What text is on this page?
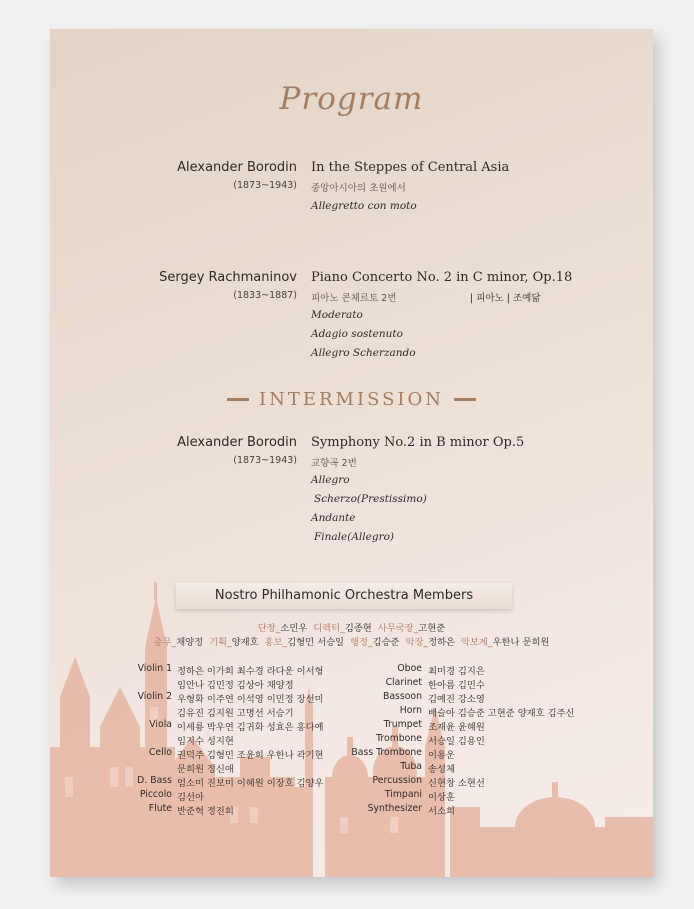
Program
Alexander Borodin
(1873~1943)
In the Steppes of Central Asia
중앙아시아의 초원에서
Allegretto con moto
Sergey Rachmaninov
(1833~1887)
Piano Concerto No. 2 in C minor, Op.18
피아노 콘체르토 2번	| 피아노 | 조예닮
Moderato
Adagio sostenuto
Allegro Scherzando
INTERMISSION
Alexander Borodin
(1873~1943)
Symphony No.2 in B minor Op.5
교향곡 2번
Allegro
Scherzo(Prestissimo)
Andante
Finale(Allegro)
Nostro Philhamonic Orchestra Members
단장_소민우 디렉터_김종현 사무국장_고현준
총무_채양정 기획_양재호 홍보_김형민 서승일 행정_김승준 악장_정하은 악보계_우한나 문희원
Violin 1 정하은 이가희 최수경 라다운 이서형
임안나 김민정 김상아 채양정
Violin 2 우형화 이주연 이석영 이민정 장선미
김유진 김지원 고명선 서승기
Viola 이세룡 박우연 김귀화 성효은 홍다예
임지수 성지현
Cello 권덕주 김형민 조윤희 우한나 곽기현
문희원 정신애
D. Bass 엄소미 진보미 이혜원 이장호 김양우
Piccolo 김선아
Flute 반준혁 정진희
Oboe 최미경 김지은
Clarinet 한아름 김민수
Bassoon 김예진 강소영
Horn 배슬아 김승준 고현준 양재호 김주신
Trumpet 조재윤 윤혜원
Trombone 서승일 김용인
Bass Trombone 이용운
Tuba 송성체
Percussion 신현창 소현선
Timpani 이상훈
Synthesizer 서소희
